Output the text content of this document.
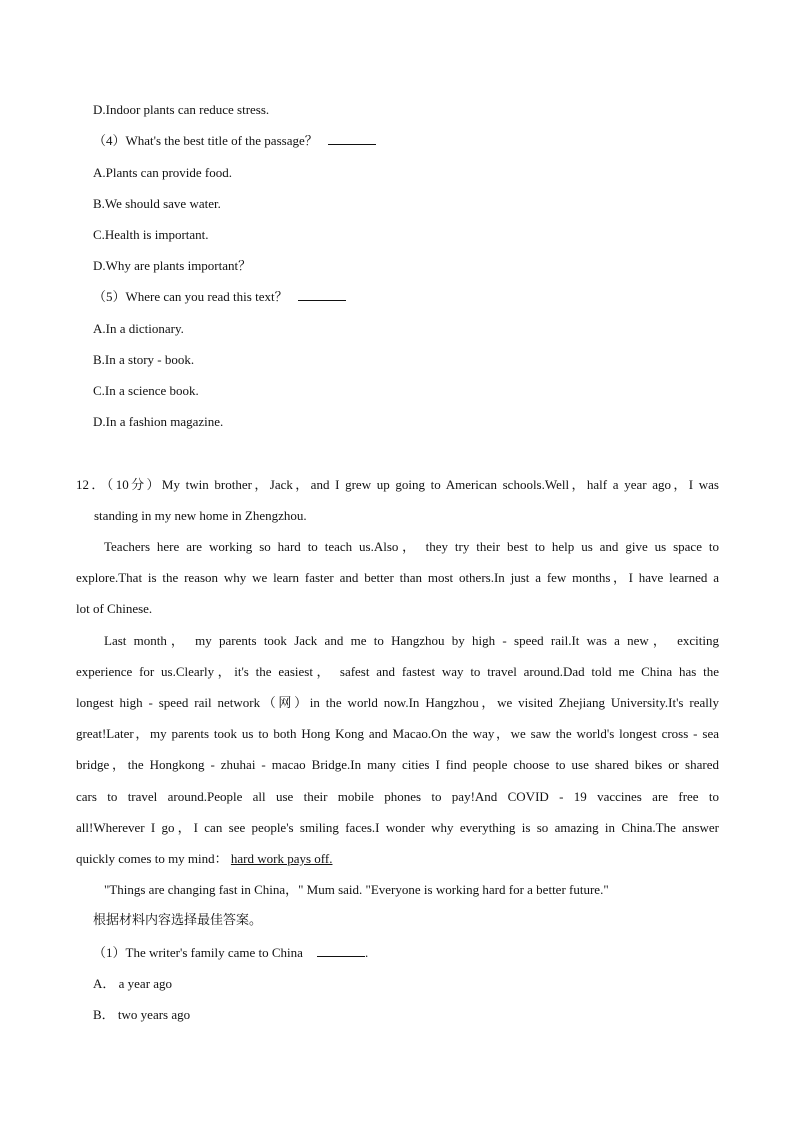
D.Indoor plants can reduce stress.
（4）What's the best title of the passage？
A.Plants can provide food.
B.We should save water.
C.Health is important.
D.Why are plants important？
（5）Where can you read this text？
A.In a dictionary.
B.In a story - book.
C.In a science book.
D.In a fashion magazine.
12．（10分）My twin brother，Jack，and I grew up going to American schools.Well，half a year ago，I was
standing in my new home in Zhengzhou.
Teachers here are working so hard to teach us.Also， they try their best to help us and give us space to
explore.That is the reason why we learn faster and better than most others.In just a few months，I have learned a
lot of Chinese.
Last month， my parents took Jack and me to Hangzhou by high - speed rail.It was a new， exciting
experience for us.Clearly，it's the easiest， safest and fastest way to travel around.Dad told me China has the
longest high - speed rail network（网）in the world now.In Hangzhou，we visited Zhejiang University.It's really
great!Later，my parents took us to both Hong Kong and Macao.On the way，we saw the world's longest cross - sea
bridge，the Hongkong - zhuhai - macao Bridge.In many cities I find people choose to use shared bikes or shared
cars to travel around.People all use their mobile phones to pay!And COVID - 19 vaccines are free to
all!Wherever I go，I can see people's smiling faces.I wonder why everything is so amazing in China.The answer
quickly comes to my mind： hard work pays off.
"Things are changing fast in China，" Mum said. "Everyone is working hard for a better future."
根据材料内容选择最佳答案。
（1）The writer's family came to China	.
A． a year ago
B． two years ago
